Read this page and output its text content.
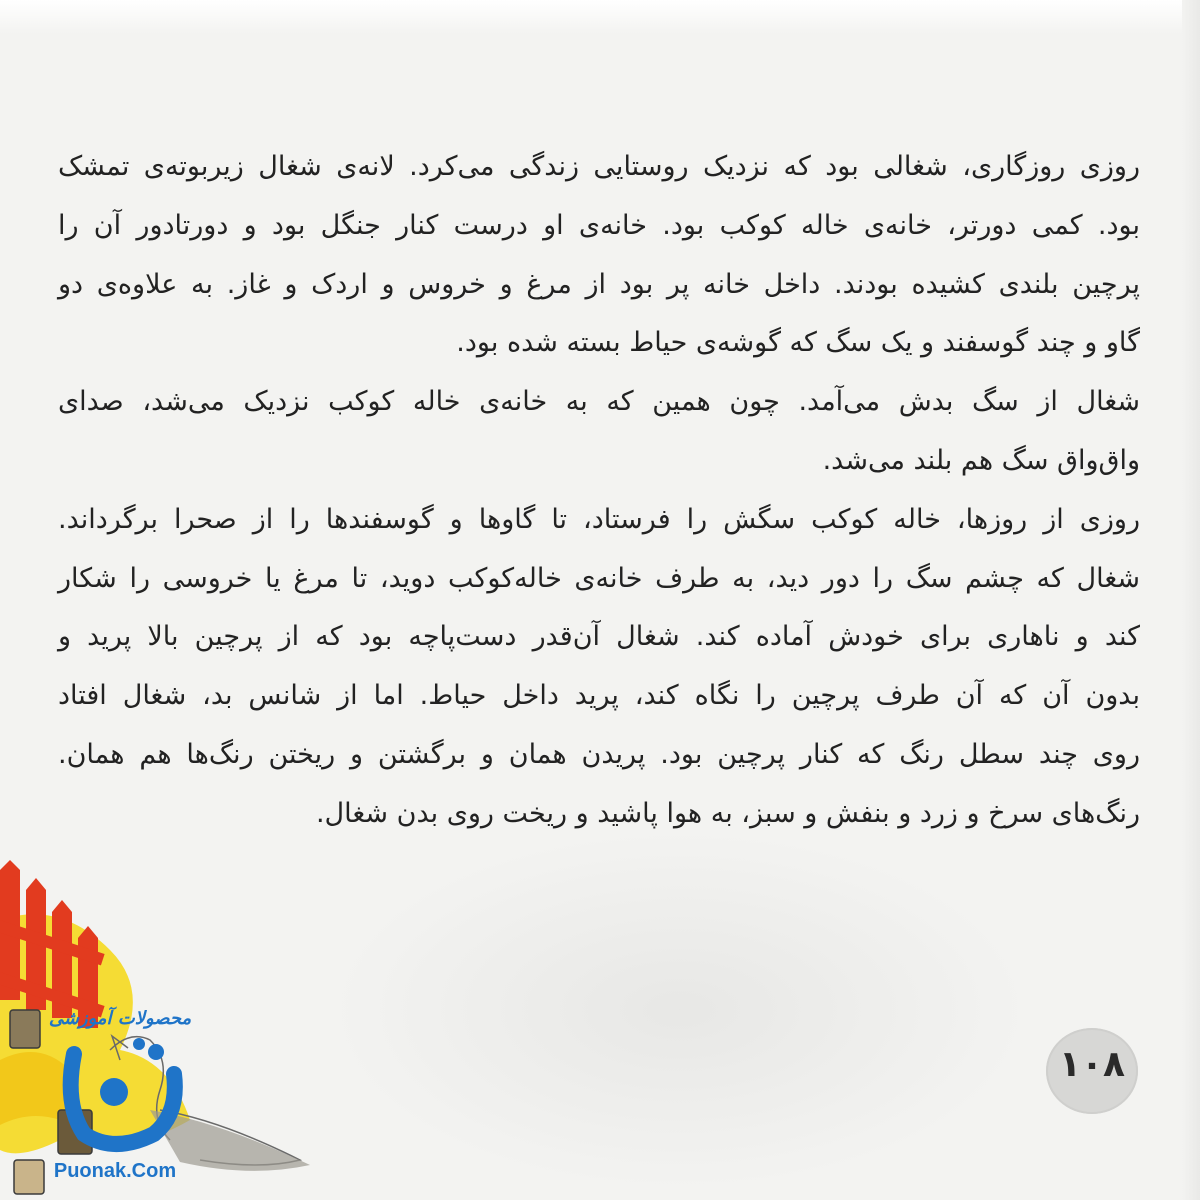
روزی روزگاری، شغالی بود که نزدیک روستایی زندگی می‌کرد. لانه‌ی شغال زیربوته‌ی تمشک
بود. کمی دورتر، خانه‌ی خاله کوکب بود. خانه‌ی او درست کنار جنگل بود و دورتادور آن را
پرچین بلندی کشیده بودند. داخل خانه پر بود از مرغ و خروس و اردک و غاز. به علاوه‌ی دو
گاو و چند گوسفند و یک سگ که گوشه‌ی حیاط بسته شده بود.
شغال از سگ بدش می‌آمد. چون همین که به خانه‌ی خاله کوکب نزدیک می‌شد، صدای
واق‌واق سگ هم بلند می‌شد.
روزی از روزها، خاله کوکب سگش را فرستاد، تا گاوها و گوسفندها را از صحرا برگرداند.
شغال که چشم سگ را دور دید، به طرف خانه‌ی خاله‌کوکب دوید، تا مرغ یا خروسی را شکار
کند و ناهاری برای خودش آماده کند. شغال آن‌قدر دست‌پاچه بود که از پرچین بالا پرید و
بدون آن که آن طرف پرچین را نگاه کند، پرید داخل حیاط. اما از شانس بد، شغال افتاد
روی چند سطل رنگ که کنار پرچین بود. پریدن همان و برگشتن و ریختن رنگ‌ها هم همان.
رنگ‌های سرخ و زرد و بنفش و سبز، به هوا پاشید و ریخت روی بدن شغال.
محصولات آموزشی
Puonak.Com
۱۰۸
